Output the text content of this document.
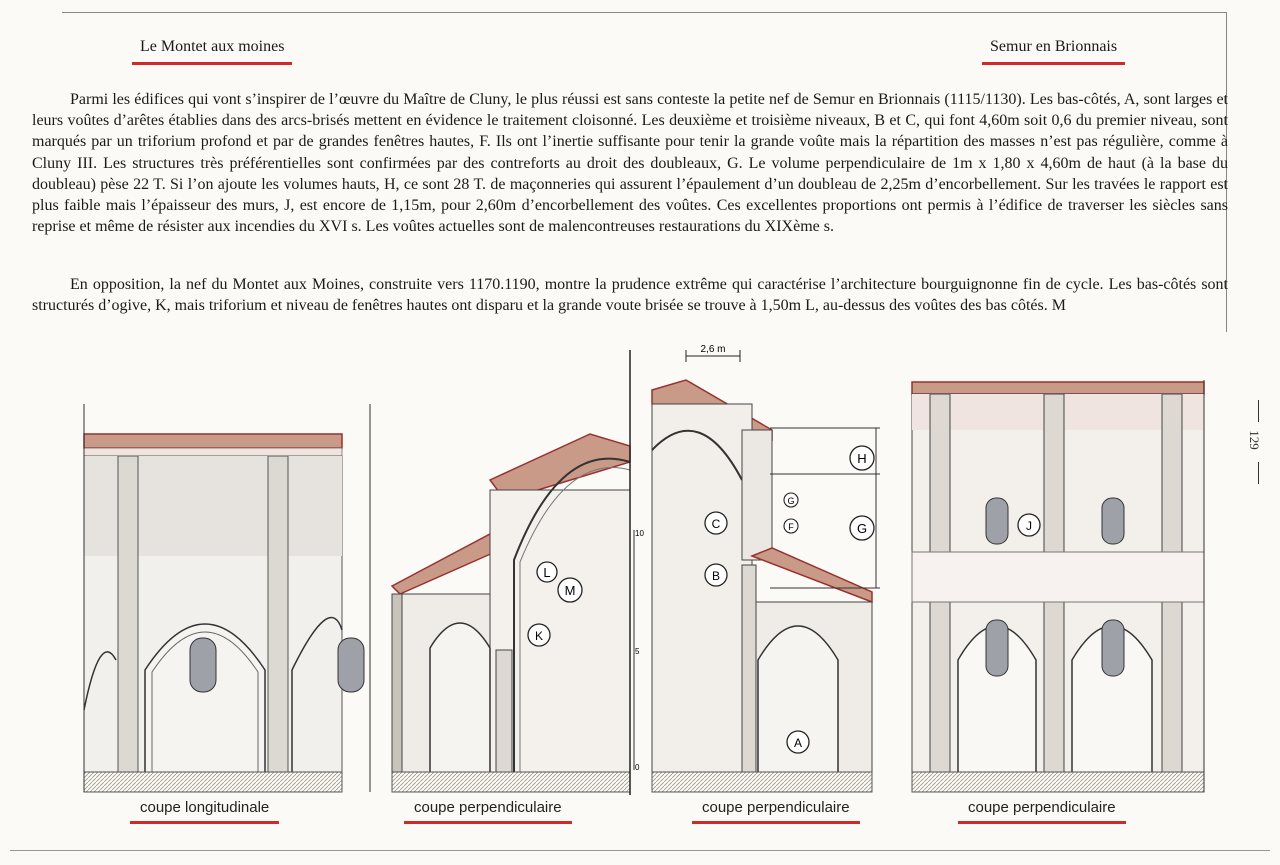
Le Montet aux moines	Semur en Brionnais

Parmi les édifices qui vont s’inspirer de l’œuvre du Maître de Cluny, le plus réussi est sans conteste la petite nef de Semur en Brionnais (1115/1130). Les bas-côtés, A, sont larges et leurs voûtes d’arêtes établies dans des arcs-brisés mettent en évidence le traitement cloisonné. Les deuxième et troisième niveaux, B et C, qui font 4,60m soit 0,6 du premier niveau, sont marqués par un triforium profond et par de grandes fenêtres hautes, F. Ils ont l’inertie suffisante pour tenir la grande voûte mais la répartition des masses n’est pas régulière, comme à Cluny III. Les structures très préférentielles sont confirmées par des contreforts au droit des doubleaux, G. Le volume perpendiculaire de 1m x 1,80 x 4,60m de haut (à la base du doubleau) pèse 22 T. Si l’on ajoute les volumes hauts, H, ce sont 28 T. de maçonneries qui assurent l’épaulement d’un doubleau de 2,25m d’encorbellement. Sur les travées le rapport est plus faible mais l’épaisseur des murs, J, est encore de 1,15m, pour 2,60m d’encorbellement des voûtes. Ces excellentes proportions ont permis à l’édifice de traverser les siècles sans reprise et même de résister aux incendies du XVI s. Les voûtes actuelles sont de malencontreuses restaurations du XIXème s.

En opposition, la nef du Montet aux Moines, construite vers 1170.1190, montre la prudence extrême qui caractérise l’architecture bourguignonne fin de cycle. Les bas-côtés sont structurés d’ogive, K, mais triforium et niveau de fenêtres hautes ont disparu et la grande voute brisée se trouve à 1,50m L, au-dessus des voûtes des bas côtés. M

129
10
5
0
L
M
K
2,6 m
H
G
C
B
G
F
A
J
coupe longitudinale	coupe perpendiculaire	coupe perpendiculaire	coupe perpendiculaire
